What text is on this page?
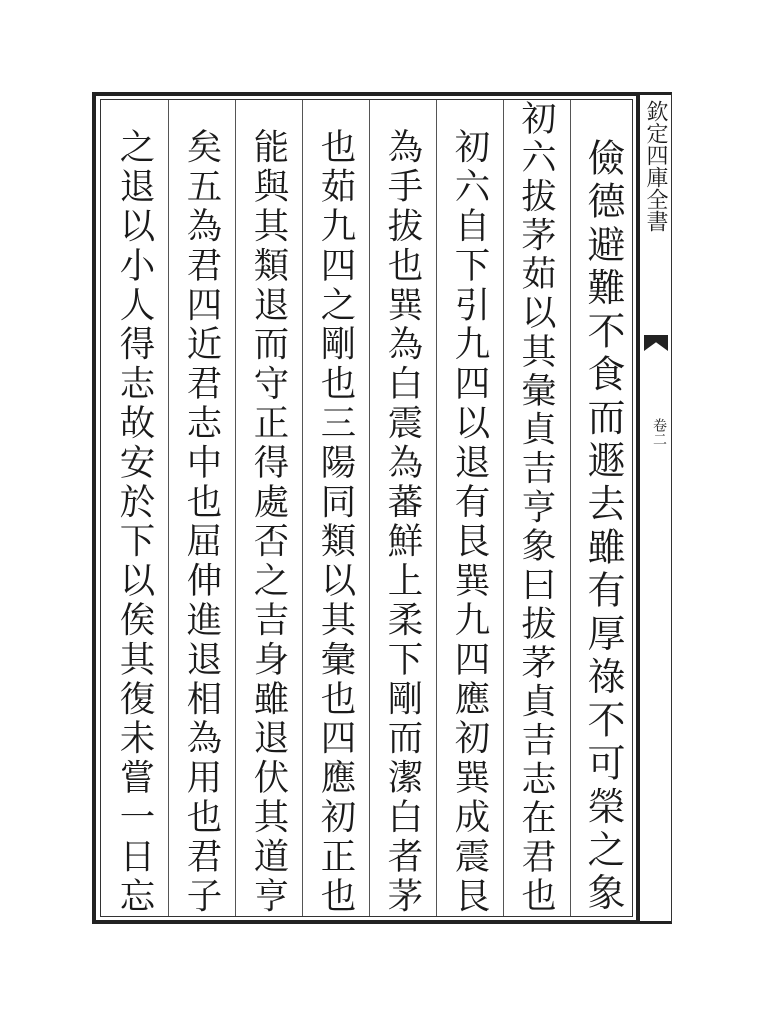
欽定四庫全書
卷二
儉德避難不食而遯去雖有厚祿不可榮之象
初六拔茅茹以其彙貞吉亨象曰拔茅貞吉志在君也
初六自下引九四以退有艮巽九四應初巽成震艮
為手拔也巽為白震為蕃鮮上柔下剛而潔白者茅
也茹九四之剛也三陽同類以其彙也四應初正也
能與其類退而守正得處否之吉身雖退伏其道亨
矣五為君四近君志中也屈伸進退相為用也君子
之退以小人得志故安於下以俟其復未嘗一日忘
